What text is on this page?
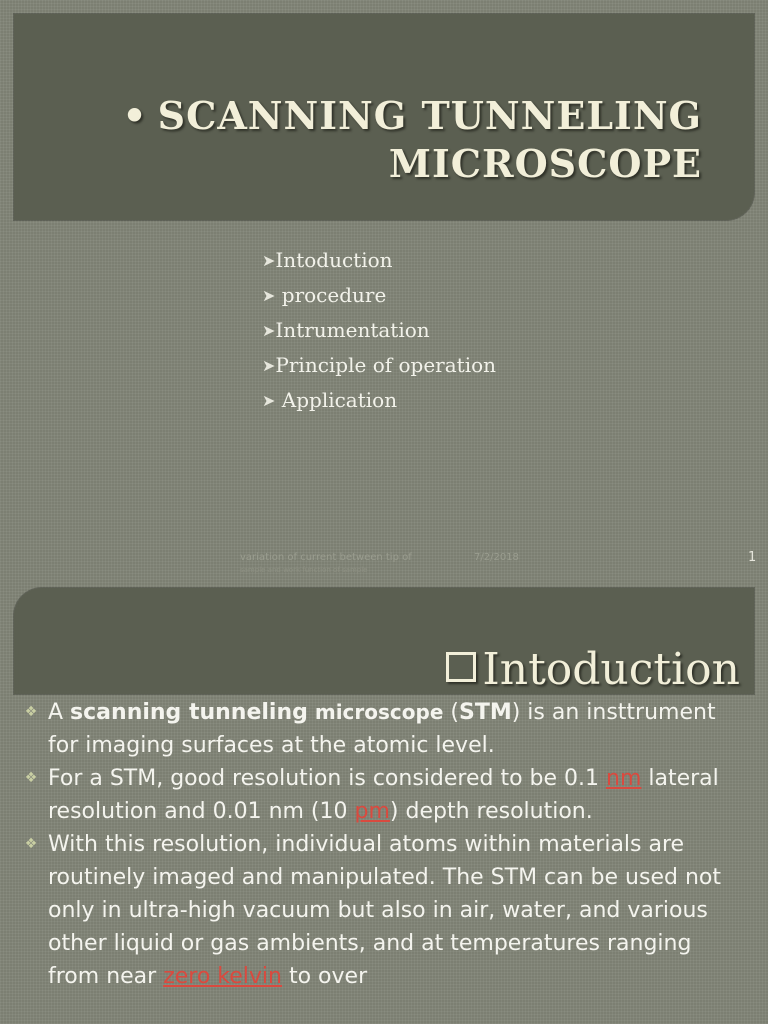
• SCANNING TUNNELING MICROSCOPE
➤Intoduction
➤ procedure
➤Intrumentation
➤Principle of operation
➤ Application
variation of current between tip of
sample and work function of sample
7/2/2018	1
Intoduction
❖ A scanning tunneling microscope (STM) is an insttrument for imaging surfaces at the atomic level.
❖ For a STM, good resolution is considered to be 0.1 nm lateral resolution and 0.01 nm (10 pm) depth resolution.
❖ With this resolution, individual atoms within materials are routinely imaged and manipulated. The STM can be used not only in ultra-high vacuum but also in air, water, and various other liquid or gas ambients, and at temperatures ranging from near zero kelvin to over
